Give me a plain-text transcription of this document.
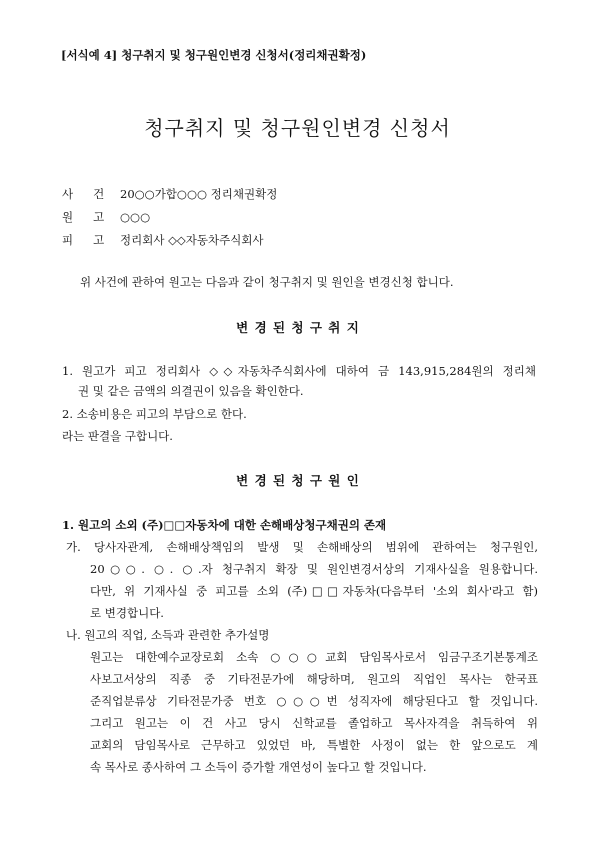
[서식예 4] 청구취지 및 청구원인변경 신청서(정리채권확정)
청구취지 및 청구원인변경 신청서
사 건 20○○가합○○○ 정리채권확정
원 고 ○○○
피 고 정리회사 ◇◇자동차주식회사
위 사건에 관하여 원고는 다음과 같이 청구취지 및 원인을 변경신청 합니다.
변 경 된 청 구 취 지
1. 원고가 피고 정리회사 ◇◇자동차주식회사에 대하여 금 143,915,284원의 정리채
권 및 같은 금액의 의결권이 있음을 확인한다.
2. 소송비용은 피고의 부담으로 한다.
라는 판결을 구합니다.
변 경 된 청 구 원 인
1. 원고의 소외 (주)□□자동차에 대한 손해배상청구채권의 존재
가. 당사자관계, 손해배상책임의 발생 및 손해배상의 범위에 관하여는 청구원인,
20○○. ○. ○.자 청구취지 확장 및 원인변경서상의 기재사실을 원용합니다.
다만, 위 기재사실 중 피고를 소외 (주)□□자동차(다음부터 '소외 회사'라고 함)
로 변경합니다.
나. 원고의 직업, 소득과 관련한 추가설명
원고는 대한예수교장로회 소속 ○○○교회 담임목사로서 임금구조기본통계조
사보고서상의 직종 중 기타전문가에 해당하며, 원고의 직업인 목사는 한국표
준직업분류상 기타전문가중 번호 ○○○번 성직자에 해당된다고 할 것입니다.
그리고 원고는 이 건 사고 당시 신학교를 졸업하고 목사자격을 취득하여 위
교회의 담임목사로 근무하고 있었던 바, 특별한 사정이 없는 한 앞으로도 계
속 목사로 종사하여 그 소득이 증가할 개연성이 높다고 할 것입니다.
